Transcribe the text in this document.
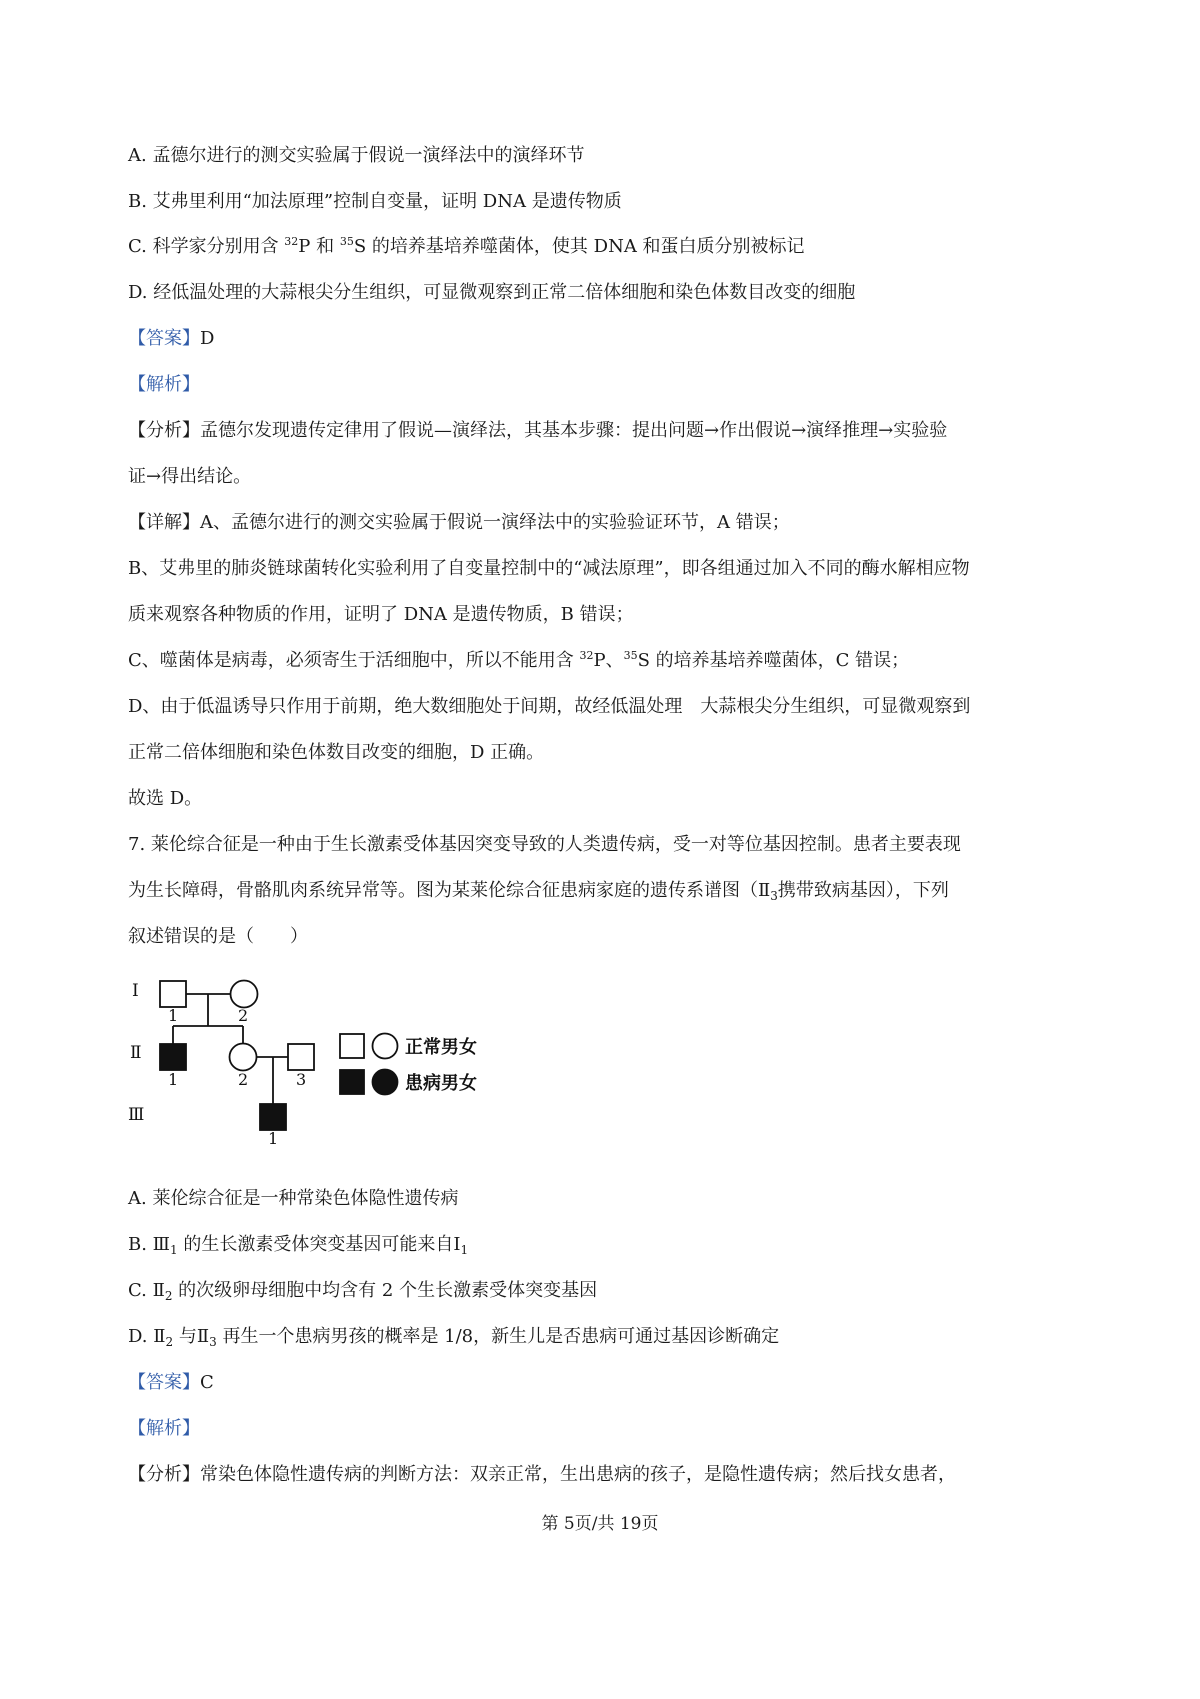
A. 孟德尔进行的测交实验属于假说一演绎法中的演绎环节
B. 艾弗里利用“加法原理”控制自变量，证明 DNA 是遗传物质
C. 科学家分别用含 $^{32}$P 和 $^{35}$S 的培养基培养噬菌体，使其 DNA 和蛋白质分别被标记
D. 经低温处理的大蒜根尖分生组织，可显微观察到正常二倍体细胞和染色体数目改变的细胞
【答案】D
【解析】
【分析】孟德尔发现遗传定律用了假说—演绎法，其基本步骤：提出问题→作出假说→演绎推理→实验验
证→得出结论。
【详解】A、孟德尔进行的测交实验属于假说一演绎法中的实验验证环节，A 错误；
B、艾弗里的肺炎链球菌转化实验利用了自变量控制中的“减法原理”，即各组通过加入不同的酶水解相应物
质来观察各种物质的作用，证明了 DNA 是遗传物质，B 错误；
C、噬菌体是病毒，必须寄生于活细胞中，所以不能用含 $^{32}$P、$^{35}$S 的培养基培养噬菌体，C 错误；
D、由于低温诱导只作用于前期，绝大数细胞处于间期，故经低温处理　大蒜根尖分生组织，可显微观察到
正常二倍体细胞和染色体数目改变的细胞，D 正确。
故选 D。
7. 莱伦综合征是一种由于生长激素受体基因突变导致的人类遗传病，受一对等位基因控制。患者主要表现
为生长障碍，骨骼肌肉系统异常等。图为某莱伦综合征患病家庭的遗传系谱图（$Ⅱ_3$携带致病基因），下列
叙述错误的是（　　）
Ⅰ
Ⅱ
Ⅲ
1	2
1	2	3
1
正常男女
患病男女
A. 莱伦综合征是一种常染色体隐性遗传病
B. $Ⅲ_1$ 的生长激素受体突变基因可能来自$Ⅰ_1$
C. $Ⅱ_2$ 的次级卵母细胞中均含有 2 个生长激素受体突变基因
D. $Ⅱ_2$ 与$Ⅱ_3$ 再生一个患病男孩的概率是 1/8，新生儿是否患病可通过基因诊断确定
【答案】C
【解析】
【分析】常染色体隐性遗传病的判断方法：双亲正常，生出患病的孩子，是隐性遗传病；然后找女患者，
第 5页/共 19页
